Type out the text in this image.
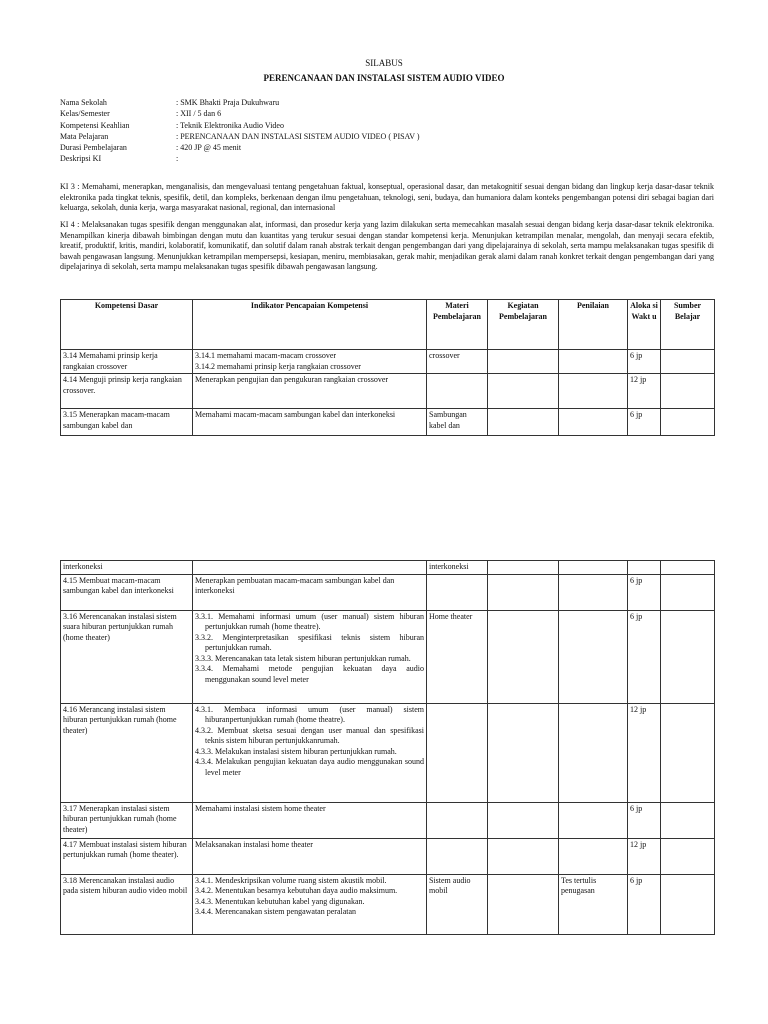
SILABUS
PERENCANAAN DAN INSTALASI SISTEM AUDIO VIDEO
Nama Sekolah	: SMK Bhakti Praja Dukuhwaru
Kelas/Semester	: XII / 5 dan 6
Kompetensi Keahlian	: Teknik Elektronika Audio Video
Mata Pelajaran	: PERENCANAAN DAN INSTALASI SISTEM AUDIO VIDEO ( PISAV )
Durasi Pembelajaran	: 420 JP @ 45 menit
Deskripsi KI	:
KI 3 : Memahami, menerapkan, menganalisis, dan mengevaluasi tentang pengetahuan faktual, konseptual, operasional dasar, dan metakognitif sesuai dengan bidang dan lingkup kerja dasar-dasar teknik elektronika pada tingkat teknis, spesifik, detil, dan kompleks, berkenaan dengan ilmu pengetahuan, teknologi, seni, budaya, dan humaniora dalam konteks pengembangan potensi diri sebagai bagian dari keluarga, sekolah, dunia kerja, warga masyarakat nasional, regional, dan internasional
KI 4 : Melaksanakan tugas spesifik dengan menggunakan alat, informasi, dan prosedur kerja yang lazim dilakukan serta memecahkan masalah sesuai dengan bidang kerja dasar-dasar teknik elektronika. Menampilkan kinerja dibawah bimbingan dengan mutu dan kuantitas yang terukur sesuai dengan standar kompetensi kerja. Menunjukan ketrampilan menalar, mengolah, dan menyaji secara efektib, kreatif, produktif, kritis, mandiri, kolaboratif, komunikatif, dan solutif dalam ranah abstrak terkait dengan pengembangan dari yang dipelajarainya di sekolah, serta mampu melaksanakan tugas spesifik di bawah pengawasan langsung. Menunjukkan ketrampilan mempersepsi, kesiapan, meniru, membiasakan, gerak mahir, menjadikan gerak alami dalam ranah konkret terkait dengan pengembangan dari yang dipelajarinya di sekolah, serta mampu melaksanakan tugas spesifik dibawah pengawasan langsung.
Kompetensi Dasar	Indikator Pencapaian Kompetensi	Materi Pembelajaran	Kegiatan Pembelajaran	Penilaian	Aloka si Wakt u	Sumber Belajar
3.14 Memahami prinsip kerja rangkaian crossover	3.14.1 memahami macam-macam crossover
3.14.2 memahami prinsip kerja rangkaian crossover	crossover			6 jp	
4.14 Menguji prinsip kerja rangkaian crossover.	Menerapkan pengujian dan pengukuran rangkaian crossover				12 jp	
3.15 Menerapkan macam-macam sambungan kabel dan	Memahami macam-macam sambungan kabel dan interkoneksi	Sambungan kabel dan			6 jp	
interkoneksi		interkoneksi				
4.15 Membuat macam-macam sambungan kabel dan interkoneksi	Menerapkan pembuatan macam-macam sambungan kabel dan interkoneksi				6 jp	
3.16 Merencanakan instalasi sistem suara hiburan pertunjukkan rumah (home theater)	3.3.1. Memahami informasi umum (user manual) sistem hiburan pertunjukkan rumah (home theatre).
3.3.2. Menginterpretasikan spesifikasi teknis sistem hiburan pertunjukkan rumah.
3.3.3. Merencanakan tata letak sistem hiburan pertunjukkan rumah.
3.3.4. Memahami metode pengujian kekuatan daya audio menggunakan sound level meter	Home theater			6 jp	
4.16 Merancang instalasi sistem hiburan pertunjukkan rumah (home theater)	4.3.1. Membaca informasi umum (user manual) sistem hiburanpertunjukkan rumah (home theatre).
4.3.2. Membuat sketsa sesuai dengan user manual dan spesifikasi teknis sistem hiburan pertunjukkanrumah.
4.3.3. Melakukan instalasi sistem hiburan pertunjukkan rumah.
4.3.4. Melakukan pengujian kekuatan daya audio menggunakan sound level meter				12 jp	
3.17 Menerapkan instalasi sistem hiburan pertunjukkan rumah (home theater)	Memahami instalasi sistem home theater				6 jp	
4.17 Membuat instalasi sistem hiburan pertunjukkan rumah (home theater).	Melaksanakan instalasi home theater				12 jp	
3.18 Merencanakan instalasi audio pada sistem hiburan audio video mobil	3.4.1. Mendeskripsikan volume ruang sistem akustik mobil.
3.4.2. Menentukan besarnya kebutuhan daya audio maksimum.
3.4.3. Menentukan kebutuhan kabel yang digunakan.
3.4.4. Merencanakan sistem pengawatan peralatan	Sistem audio mobil		Tes tertulis penugasan	6 jp	
